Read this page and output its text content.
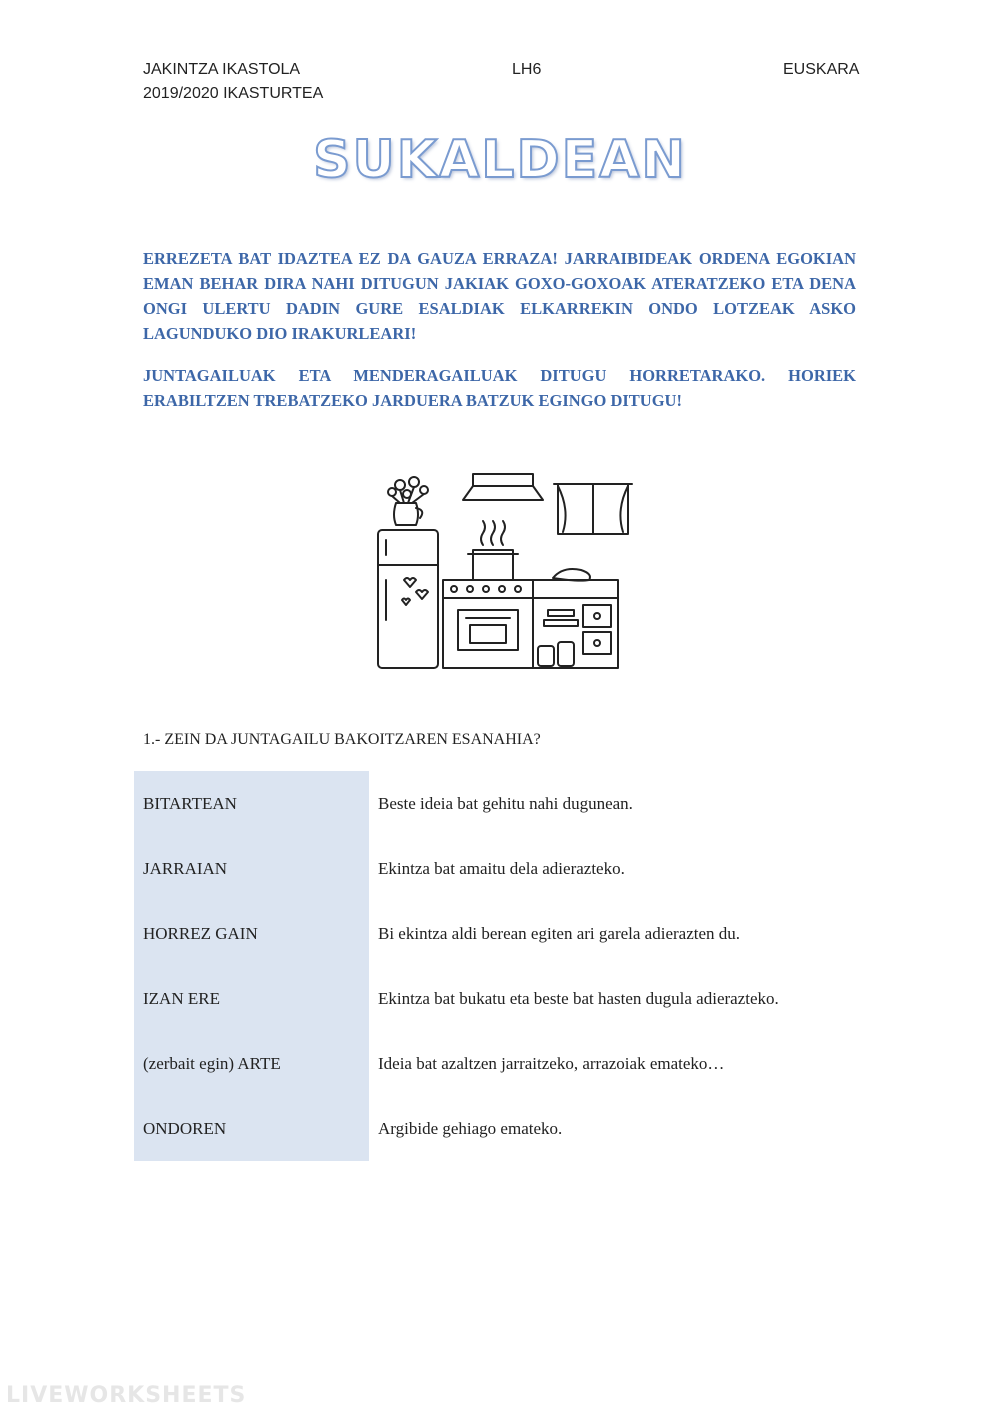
JAKINTZA IKASTOLA
2019/2020 IKASTURTEA
LH6	EUSKARA
SUKALDEAN
ERREZETA BAT IDAZTEA EZ DA GAUZA ERRAZA! JARRAIBIDEAK ORDENA EGOKIAN EMAN BEHAR DIRA NAHI DITUGUN JAKIAK GOXO-GOXOAK ATERATZEKO ETA DENA ONGI ULERTU DADIN GURE ESALDIAK ELKARREKIN ONDO LOTZEAK ASKO LAGUNDUKO DIO IRAKURLEARI!
JUNTAGAILUAK ETA MENDERAGAILUAK DITUGU HORRETARAKO. HORIEK ERABILTZEN TREBATZEKO JARDUERA BATZUK EGINGO DITUGU!
1.- ZEIN DA JUNTAGAILU BAKOITZAREN ESANAHIA?
BITARTEAN	Beste ideia bat gehitu nahi dugunean.
JARRAIAN	Ekintza bat amaitu dela adierazteko.
HORREZ GAIN	Bi ekintza aldi berean egiten ari garela adierazten du.
IZAN ERE	Ekintza bat bukatu eta beste bat hasten dugula adierazteko.
(zerbait egin) ARTE	Ideia bat azaltzen jarraitzeko, arrazoiak emateko…
ONDOREN	Argibide gehiago emateko.
LIVEWORKSHEETS
